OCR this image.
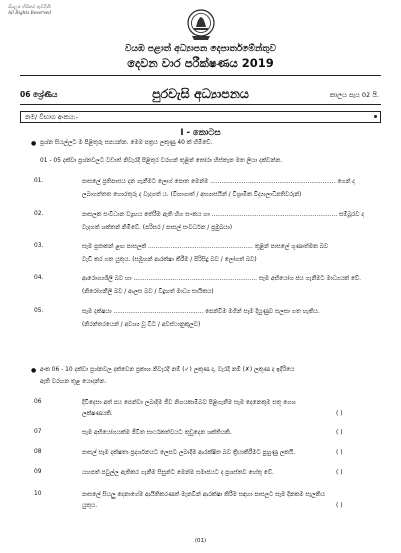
සියලුම හිමිකම් ඇවිරිණි
All Rights Reserved
වයඹ පළාත් අධ්‍යාපන දෙපාර්තමේන්තුව
දෙවන වාර පරීක්ෂණය 2019
06 ශ්‍රේණිය	පුරවැසි අධ්‍යාපනය	කාලය පැය 02 යි.
නම/ විභාග අංකය:-
I - කොටස
● ප්‍රශ්න සියල්ලට ම පිළිතුරු සපයන්න. මෙම පත්‍රය ලකුණු 40 ක් හිමිවේ.
01 - 05 දක්වා ප්‍රශ්නවලට වඩාත් නිවැරදි පිළිතුර වරහන් තුළින් තෝරා හිස්තැන මත ලියා දක්වන්න.
01.	පාසලේ ප්‍රතිපාසය දන ගැනීමට ලොග් පොත මෙන්ම ................................................................... ගෙන් ද
ලබාගත්තත හොරතුරු ද වැදගත් ය. (විභාගාත් / අභ්‍යාසයින් / විශ්‍රාමික විද්‍යාලාධිපතිවරුන්)
02.	පාසලක සංවිධාන ව්‍යූහය තේරීම ඇති හිග සංංකය හා ................................................................... සම්බූරව ද
වැදගත් ශක්තන් නිමිවේ. (පරිසර / පාසල් සංවර්ධන / ප්‍රමුඛයා)
03.	සෑම ප්‍රජාකන් ළඟ පාසලක් ........................................................ තුළින් පාසලේ ගුණාත්මක බව
වැඩි කර ගත යුතුය. (සමූහන් ආරක්ෂා කිරීම / පිරිසිදු බව / ලෝගත් බව)
04.	ආරොග්‍යශීලී බව හා .................................................................. සෑම අභියෝග ජය ගැනීමට මාධ්‍යයක් වේ.
(නිරෝගනීලී බව / ආලස බව / විදුහත් මාධ්‍ය සායිකය)
05.	සෑම දක්ෂයා ................................................ පෙන්වීම මගින් සෑම දියුණුව සලසා ගත හැකිය.
(නිරන්තරයෙන් / අවශ්‍ය වූ විට / අවස්ථානුකූලව)
● අංක 06 - 10 දක්වා ප්‍රශ්නවල දක්වෙන ප්‍රකාශ නිවැරදි නම් (✓) ලකුණ ද, වැරදි නම් (✗) ලකුණ ද ඉදිරියෙ
ඇති වරහන තුළ යොදන්න.
06	දිවිදෙසා අත් පය පෙන්වා ලබාදිම ජීව නිගයකාමිබව පිළිගැනීම සෑම දෙනෙකුම සතු ගෙශ
ලක්ෂණයකි.	( )
07	සෑම අභියෝගයක්ම ජීවිත සාර්ථකත්වයට තුඩුදෙන ශක්තියකි.	( )
08	පාසල් සෑම දක්ෂතා ප්‍රදර්ශනයට ලෙසට ලබාදීම ආරක්ෂිත බව ක්‍රියාකිරීමට පුහුණු ලකයි.	( )
09	යහපත් පවුල්ල ඇතිකර ගැනීම සිසුන්ට මෙන්ම සමාජයට ද ප්‍රශස්තව හේතු වේ.	( )
10	පාසලේ සියලු දෙනාගේම ආයිතිකරණත් මැනවින් ආරක්ෂා කිරීම සඳහා පාසලට සෑම දිනකම සැලකිය
යුතුය.	( )
(01)
